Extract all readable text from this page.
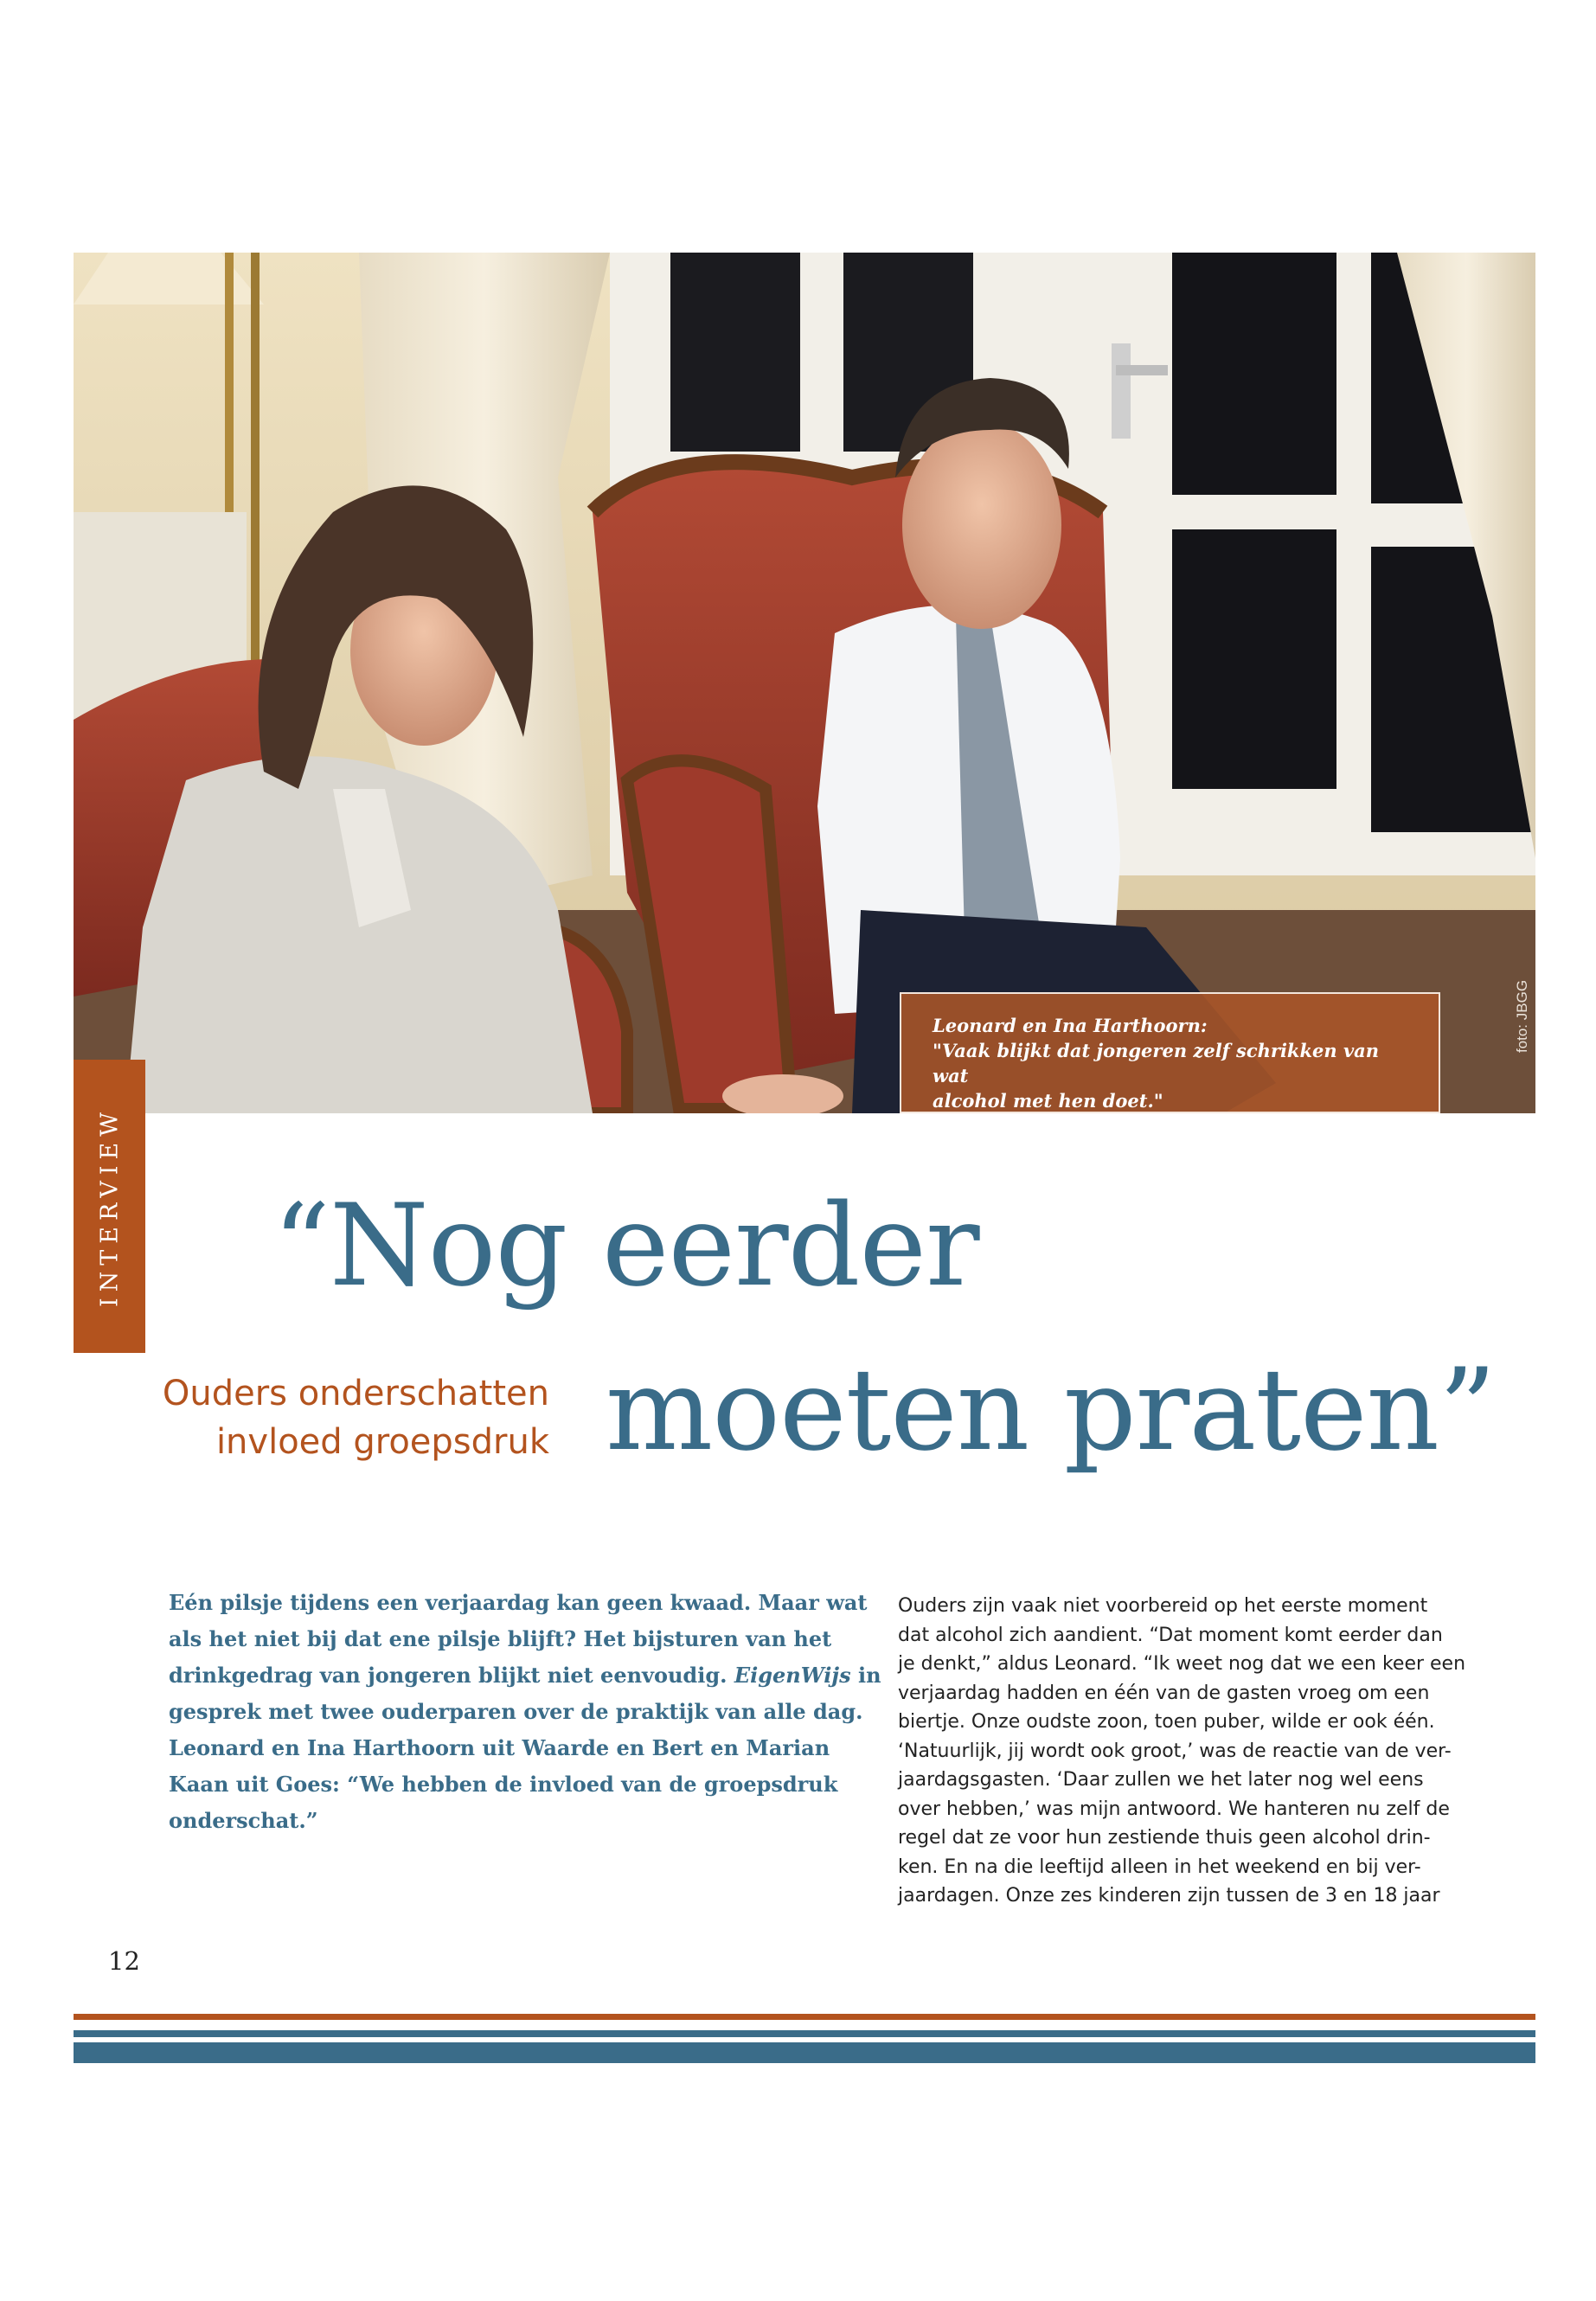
Leonard en Ina Harthoorn:
"Vaak blijkt dat jongeren zelf schrikken van wat
alcohol met hen doet."
foto: JBGG
INTERVIEW “Nog eerder
moeten praten”
Ouders onderschatten
invloed groepsdruk
Eén pilsje tijdens een verjaardag kan geen kwaad. Maar wat
als het niet bij dat ene pilsje blijft? Het bijsturen van het
drinkgedrag van jongeren blijkt niet eenvoudig. EigenWijs in
gesprek met twee ouderparen over de praktijk van alle dag.
Leonard en Ina Harthoorn uit Waarde en Bert en Marian
Kaan uit Goes: “We hebben de invloed van de groepsdruk
onderschat.”
Ouders zijn vaak niet voorbereid op het eerste moment
dat alcohol zich aandient. “Dat moment komt eerder dan
je denkt,” aldus Leonard. “Ik weet nog dat we een keer een
verjaardag hadden en één van de gasten vroeg om een
biertje. Onze oudste zoon, toen puber, wilde er ook één.
‘Natuurlijk, jij wordt ook groot,’ was de reactie van de ver-
jaardagsgasten. ‘Daar zullen we het later nog wel eens
over hebben,’ was mijn antwoord. We hanteren nu zelf de
regel dat ze voor hun zestiende thuis geen alcohol drin-
ken. En na die leeftijd alleen in het weekend en bij ver-
jaardagen. Onze zes kinderen zijn tussen de 3 en 18 jaar
12
